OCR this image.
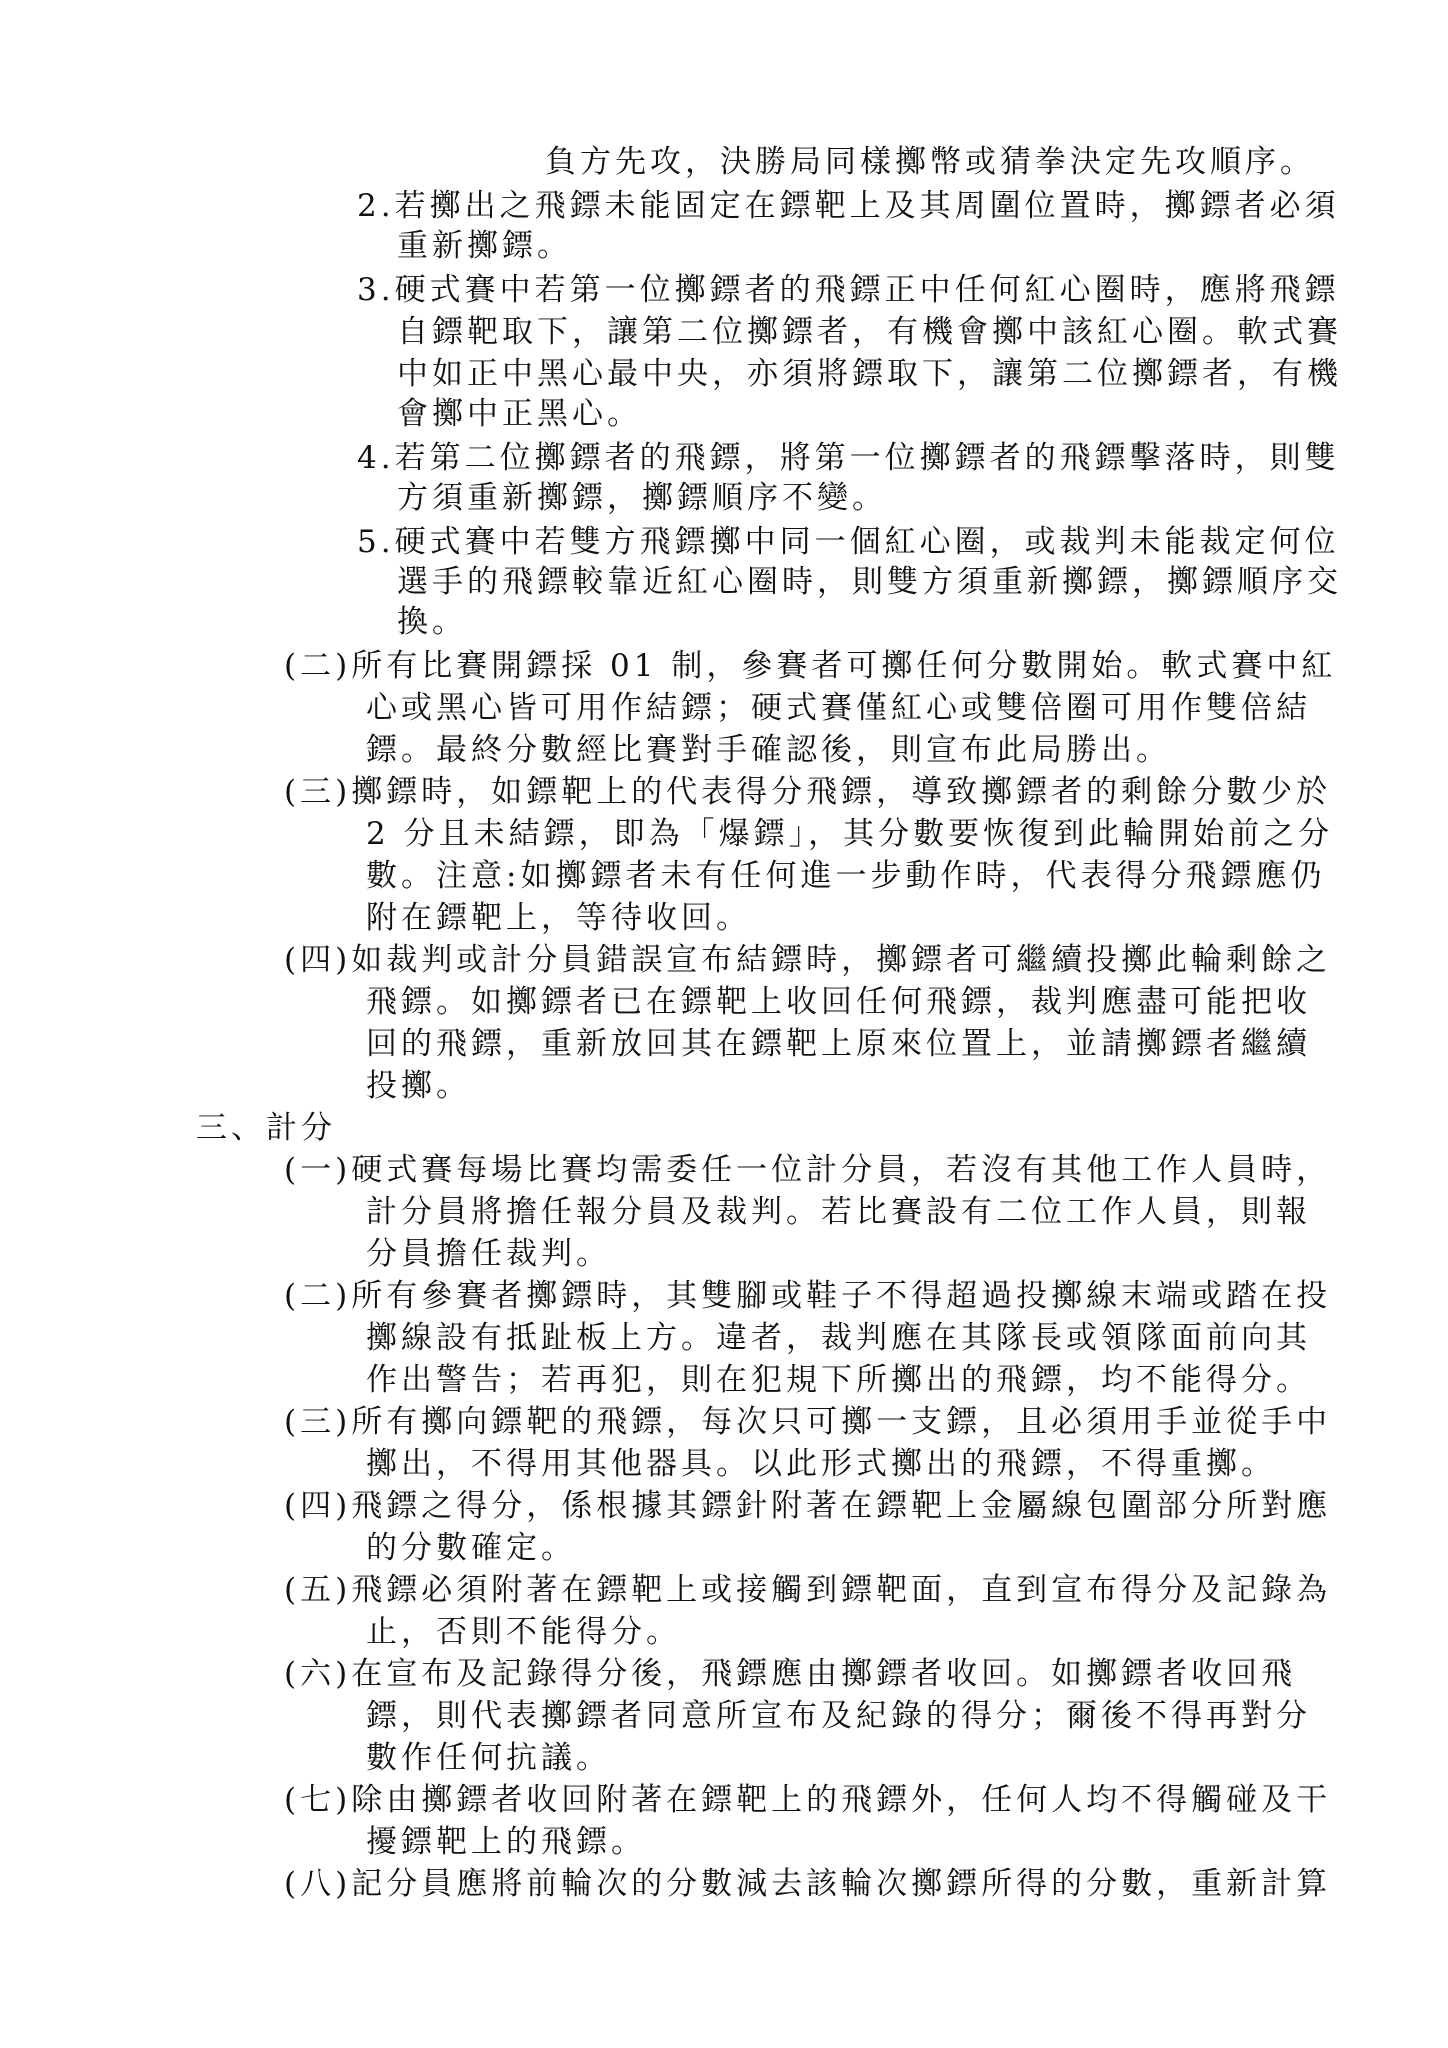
負方先攻，決勝局同樣擲幣或猜拳決定先攻順序。

2.若擲出之飛鏢未能固定在鏢靶上及其周圍位置時，擲鏢者必須

重新擲鏢。

3.硬式賽中若第一位擲鏢者的飛鏢正中任何紅心圈時，應將飛鏢

自鏢靶取下，讓第二位擲鏢者，有機會擲中該紅心圈。軟式賽

中如正中黑心最中央，亦須將鏢取下，讓第二位擲鏢者，有機

會擲中正黑心。

4.若第二位擲鏢者的飛鏢，將第一位擲鏢者的飛鏢擊落時，則雙

方須重新擲鏢，擲鏢順序不變。

5.硬式賽中若雙方飛鏢擲中同一個紅心圈，或裁判未能裁定何位

選手的飛鏢較靠近紅心圈時，則雙方須重新擲鏢，擲鏢順序交

換。

(二)所有比賽開鏢採 01 制，參賽者可擲任何分數開始。軟式賽中紅

心或黑心皆可用作結鏢；硬式賽僅紅心或雙倍圈可用作雙倍結

鏢。最終分數經比賽對手確認後，則宣布此局勝出。

(三)擲鏢時，如鏢靶上的代表得分飛鏢，導致擲鏢者的剩餘分數少於

2 分且未結鏢，即為「爆鏢」，其分數要恢復到此輪開始前之分

數。注意:如擲鏢者未有任何進一步動作時，代表得分飛鏢應仍

附在鏢靶上，等待收回。

(四)如裁判或計分員錯誤宣布結鏢時，擲鏢者可繼續投擲此輪剩餘之

飛鏢。如擲鏢者已在鏢靶上收回任何飛鏢，裁判應盡可能把收

回的飛鏢，重新放回其在鏢靶上原來位置上，並請擲鏢者繼續

投擲。

三、計分

(一)硬式賽每場比賽均需委任一位計分員，若沒有其他工作人員時，

計分員將擔任報分員及裁判。若比賽設有二位工作人員，則報

分員擔任裁判。

(二)所有參賽者擲鏢時，其雙腳或鞋子不得超過投擲線末端或踏在投

擲線設有抵趾板上方。違者，裁判應在其隊長或領隊面前向其

作出警告；若再犯，則在犯規下所擲出的飛鏢，均不能得分。

(三)所有擲向鏢靶的飛鏢，每次只可擲一支鏢，且必須用手並從手中

擲出，不得用其他器具。以此形式擲出的飛鏢，不得重擲。

(四)飛鏢之得分，係根據其鏢針附著在鏢靶上金屬線包圍部分所對應

的分數確定。

(五)飛鏢必須附著在鏢靶上或接觸到鏢靶面，直到宣布得分及記錄為

止，否則不能得分。

(六)在宣布及記錄得分後，飛鏢應由擲鏢者收回。如擲鏢者收回飛

鏢，則代表擲鏢者同意所宣布及紀錄的得分；爾後不得再對分

數作任何抗議。

(七)除由擲鏢者收回附著在鏢靶上的飛鏢外，任何人均不得觸碰及干

擾鏢靶上的飛鏢。

(八)記分員應將前輪次的分數減去該輪次擲鏢所得的分數，重新計算
